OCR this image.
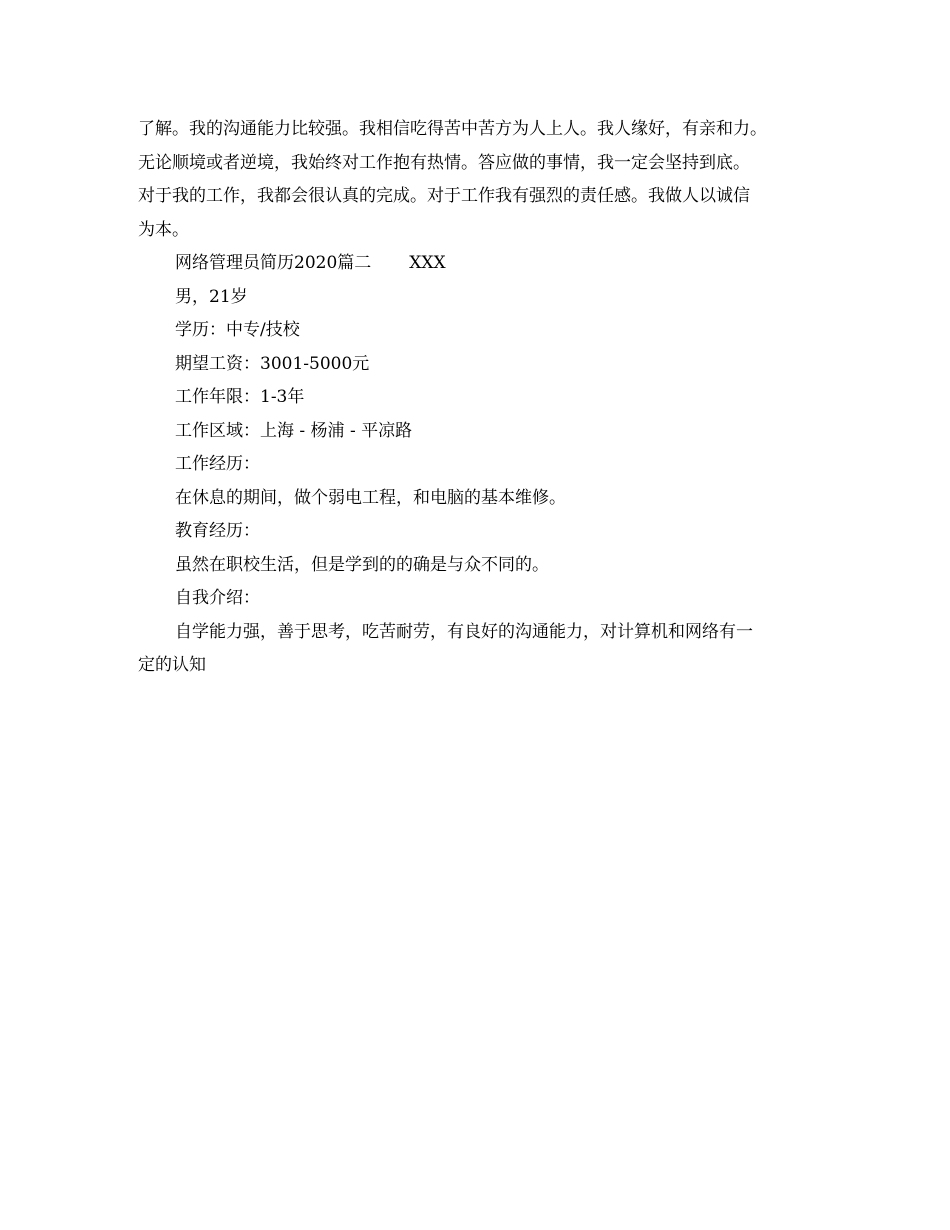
了解。我的沟通能力比较强。我相信吃得苦中苦方为人上人。我人缘好，有亲和力。
无论顺境或者逆境，我始终对工作抱有热情。答应做的事情，我一定会坚持到底。
对于我的工作，我都会很认真的完成。对于工作我有强烈的责任感。我做人以诚信
为本。
网络管理员简历2020篇二 XXX
男，21岁
学历：中专/技校
期望工资：3001-5000元
工作年限：1-3年
工作区域：上海 - 杨浦 - 平凉路
工作经历：
在休息的期间，做个弱电工程，和电脑的基本维修。
教育经历：
虽然在职校生活，但是学到的的确是与众不同的。
自我介绍：
自学能力强，善于思考，吃苦耐劳，有良好的沟通能力，对计算机和网络有一
定的认知
